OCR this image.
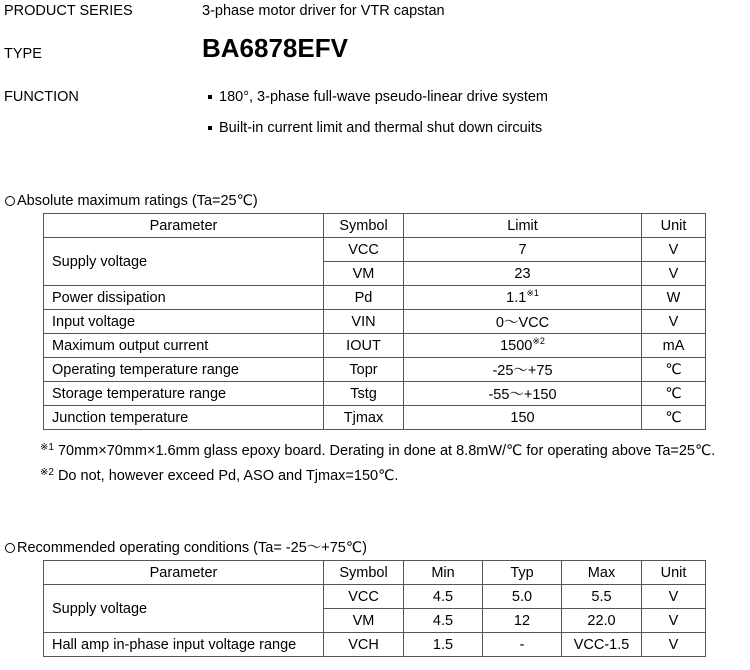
PRODUCT SERIES	3-phase motor driver for VTR capstan
TYPE	BA6878EFV
FUNCTION	180°, 3-phase full-wave pseudo-linear drive system
Built-in current limit and thermal shut down circuits
Absolute maximum ratings (Ta=25℃)
Parameter	Symbol	Limit	Unit
Supply voltage	VCC	7	V
	VM	23	V
Power dissipation	Pd	1.1$^{※1}$	W
Input voltage	VIN	0～VCC	V
Maximum output current	IOUT	1500$^{※2}$	mA
Operating temperature range	Topr	-25～+75	℃
Storage temperature range	Tstg	-55～+150	℃
Junction temperature	Tjmax	150	℃
※1 70mm×70mm×1.6mm glass epoxy board. Derating in done at 8.8mW/℃ for operating above Ta=25℃.
※2 Do not, however exceed Pd, ASO and Tjmax=150℃.
Recommended operating conditions (Ta= -25～+75℃)
Parameter	Symbol	Min	Typ	Max	Unit
Supply voltage	VCC	4.5	5.0	5.5	V
	VM	4.5	12	22.0	V
Hall amp in-phase input voltage range	VCH	1.5	-	VCC-1.5	V
